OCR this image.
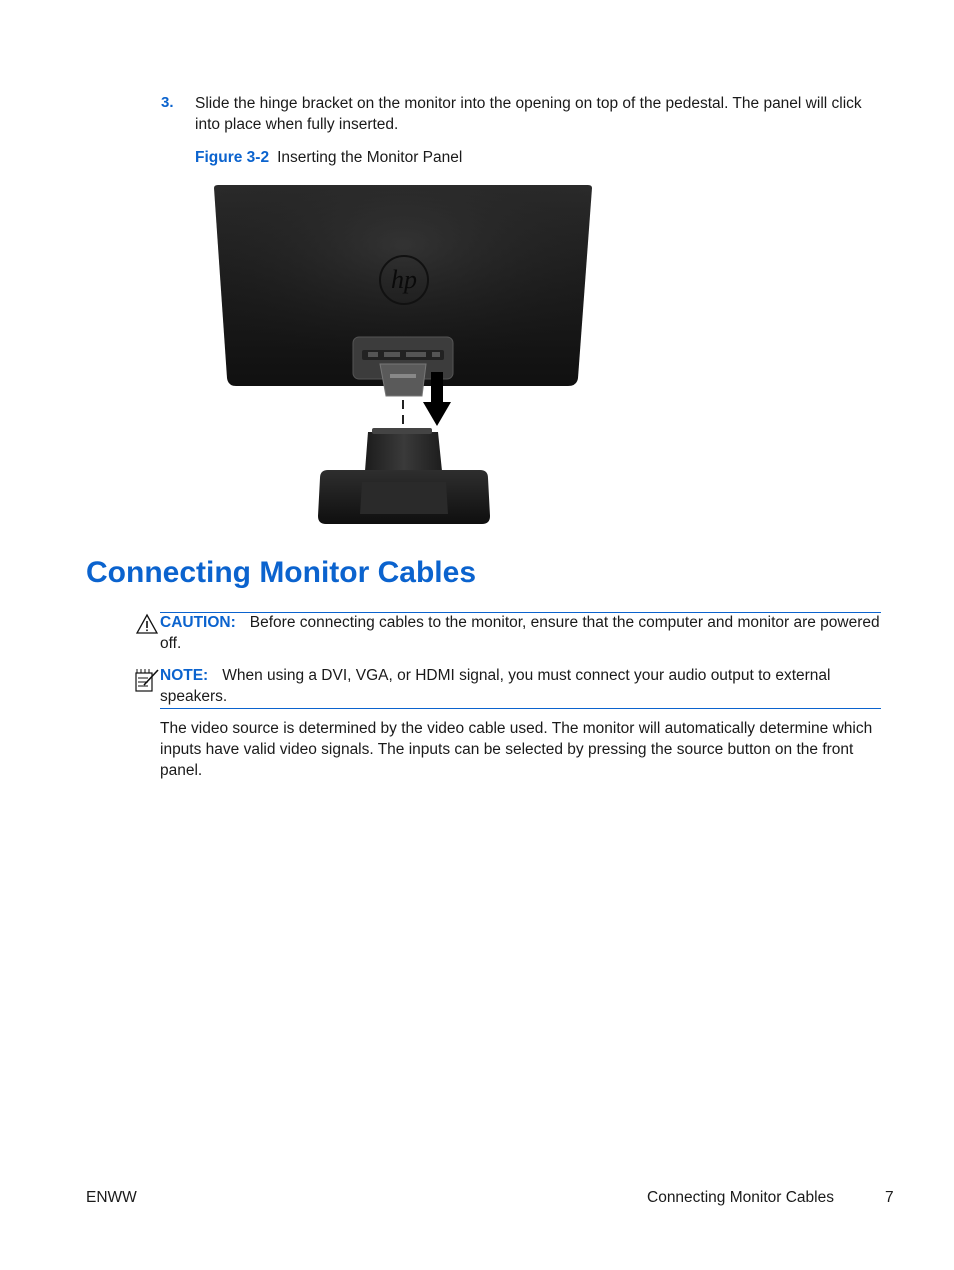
3. Slide the hinge bracket on the monitor into the opening on top of the pedestal. The panel will click into place when fully inserted.
Figure 3-2 Inserting the Monitor Panel
hp
Connecting Monitor Cables
CAUTION: Before connecting cables to the monitor, ensure that the computer and monitor are powered off.
NOTE: When using a DVI, VGA, or HDMI signal, you must connect your audio output to external speakers.
The video source is determined by the video cable used. The monitor will automatically determine which inputs have valid video signals. The inputs can be selected by pressing the source button on the front panel.
ENWW	Connecting Monitor Cables	7
